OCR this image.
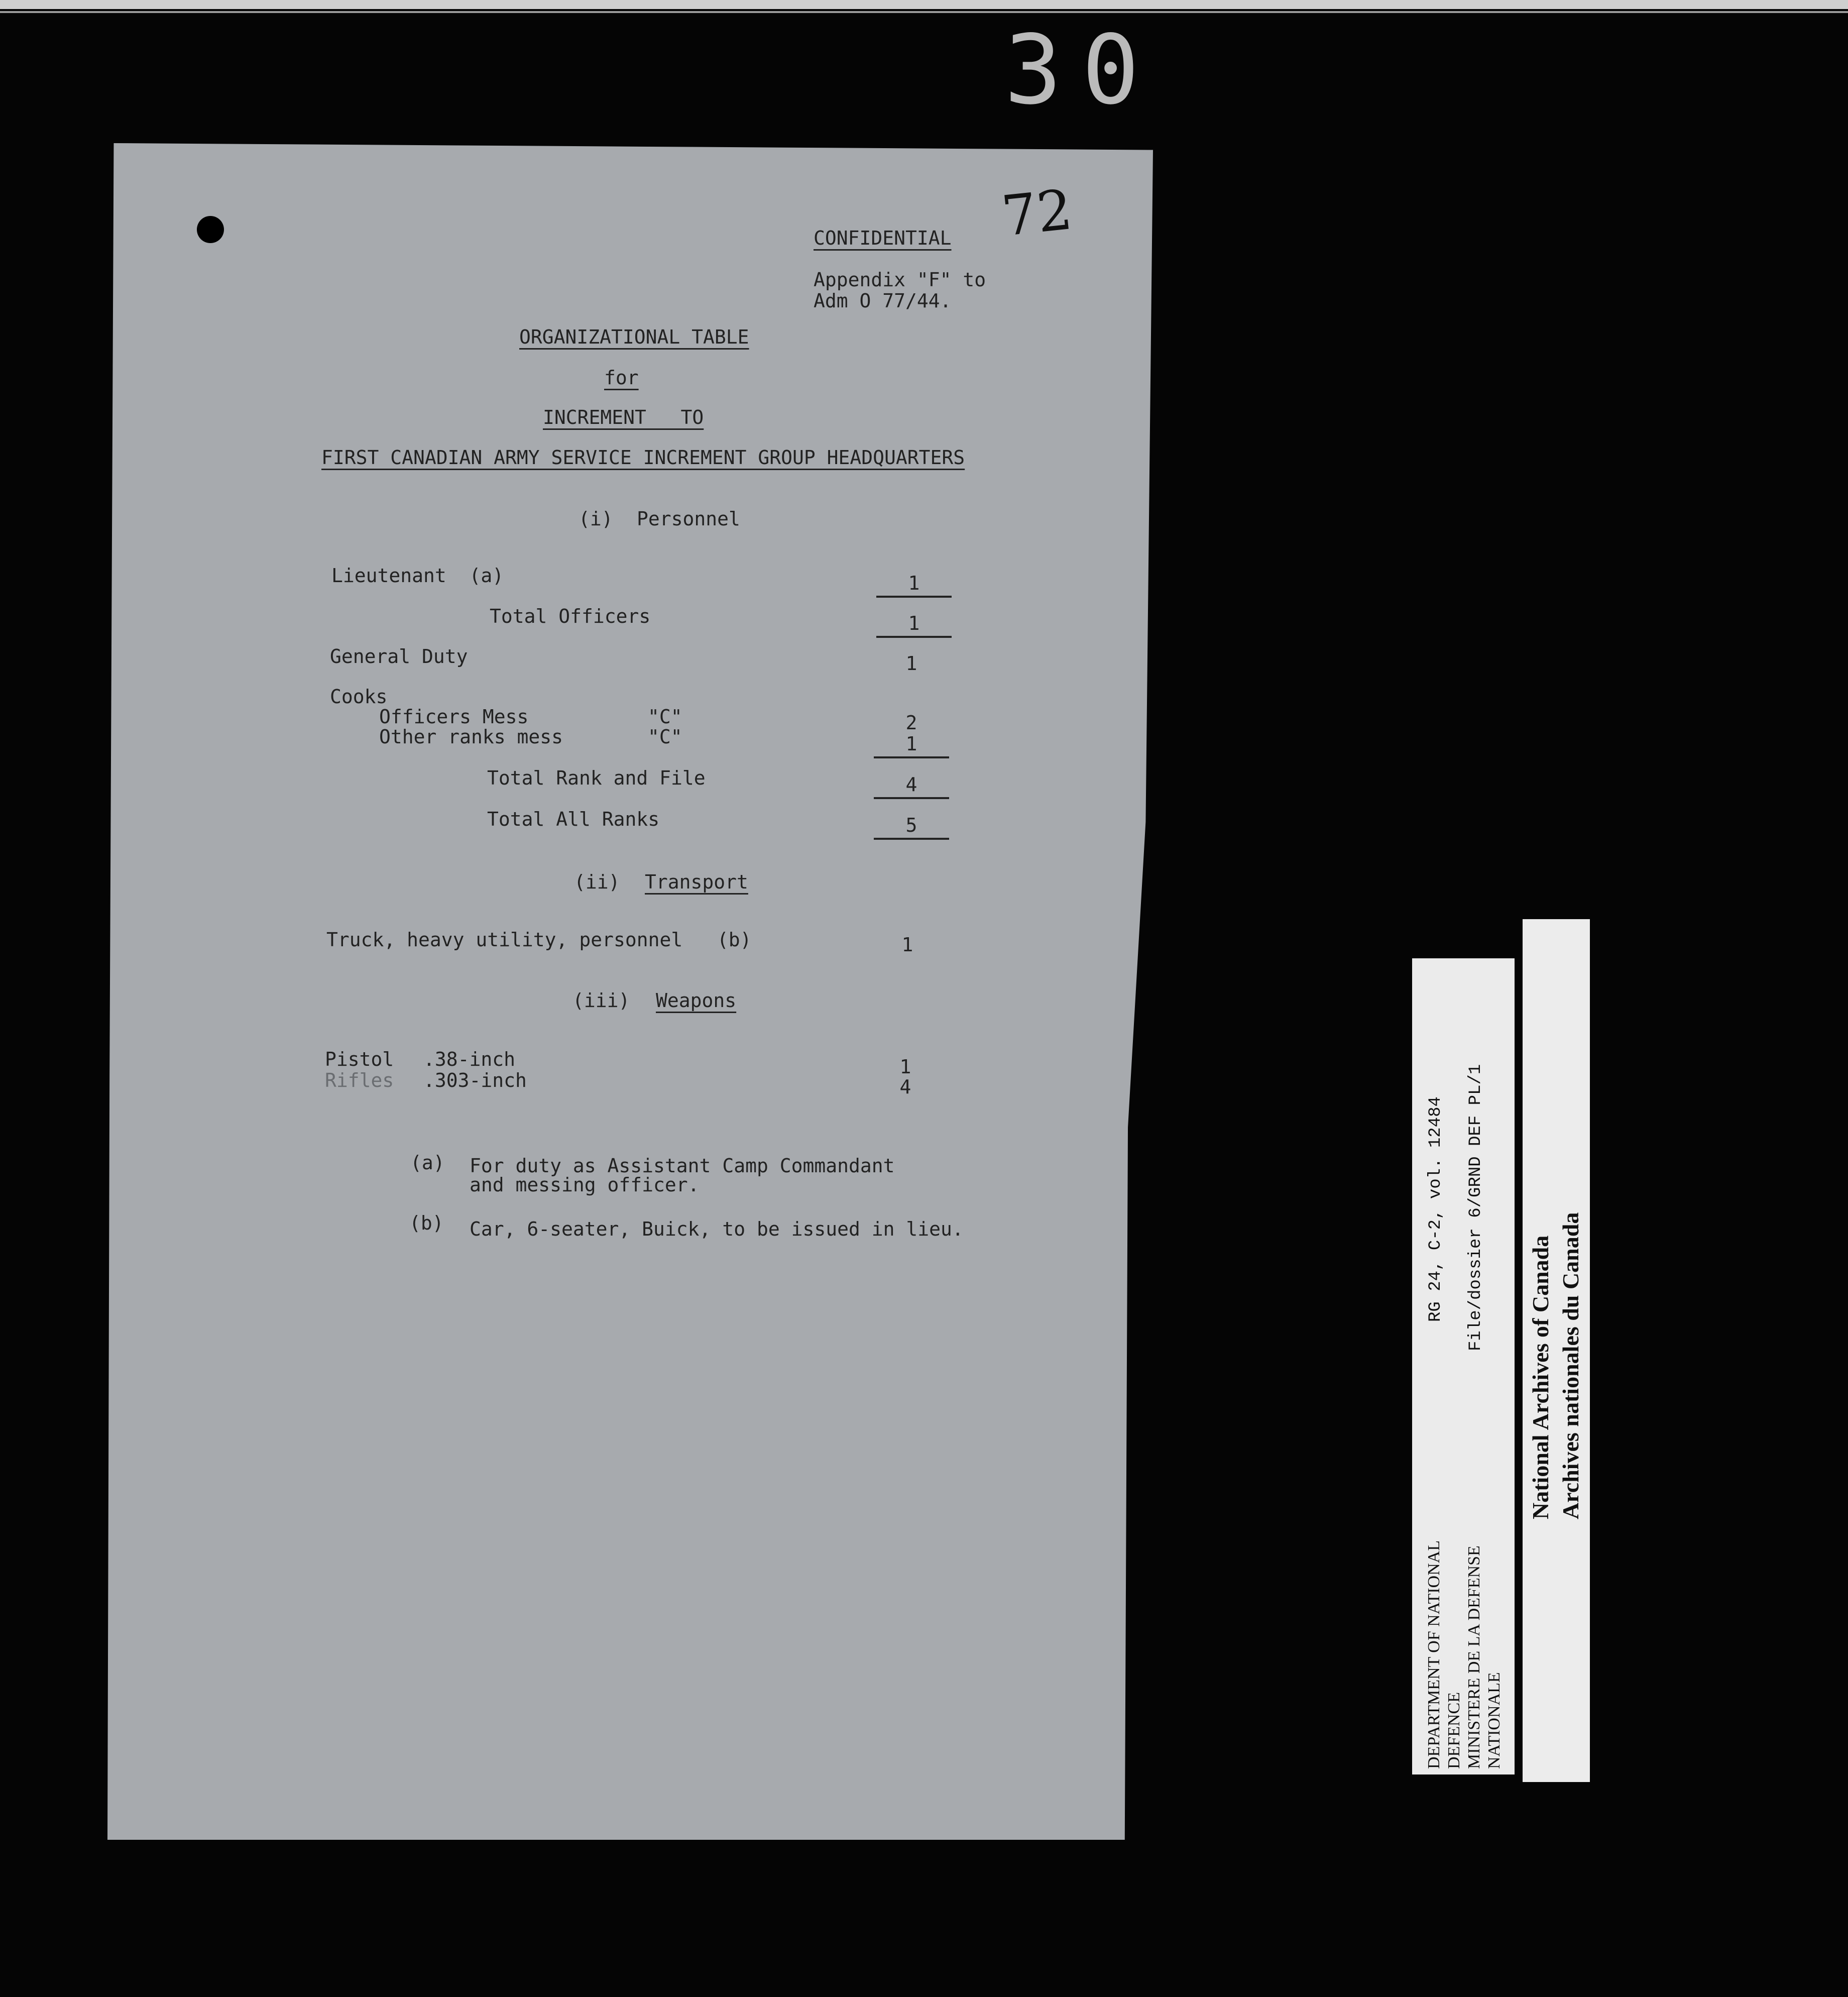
30
72
CONFIDENTIAL
Appendix "F" to
Adm O 77/44.
ORGANIZATIONAL TABLE
for
INCREMENT   TO
FIRST CANADIAN ARMY SERVICE INCREMENT GROUP HEADQUARTERS
(i) Personnel
Lieutenant  (a)	1
Total Officers	1
General Duty	1
Cooks
Officers Mess	"C"	2
Other ranks mess	"C"	1
Total Rank and File	4
Total All Ranks	5
(ii) Transport
Truck, heavy utility, personnel   (b)	1
(iii) Weapons
Pistol .38-inch	1
Rifles .303-inch	4
(a) For duty as Assistant Camp Commandant
and messing officer.
(b) Car, 6-seater, Buick, to be issued in lieu.
DEPARTMENT OF NATIONAL
DEFENCE
MINISTERE DE LA DEFENSE
NATIONALE
RG 24, C-2, vol. 12484 File/dossier 6/GRND DEF PL/1
National Archives of Canada Archives nationales du Canada
